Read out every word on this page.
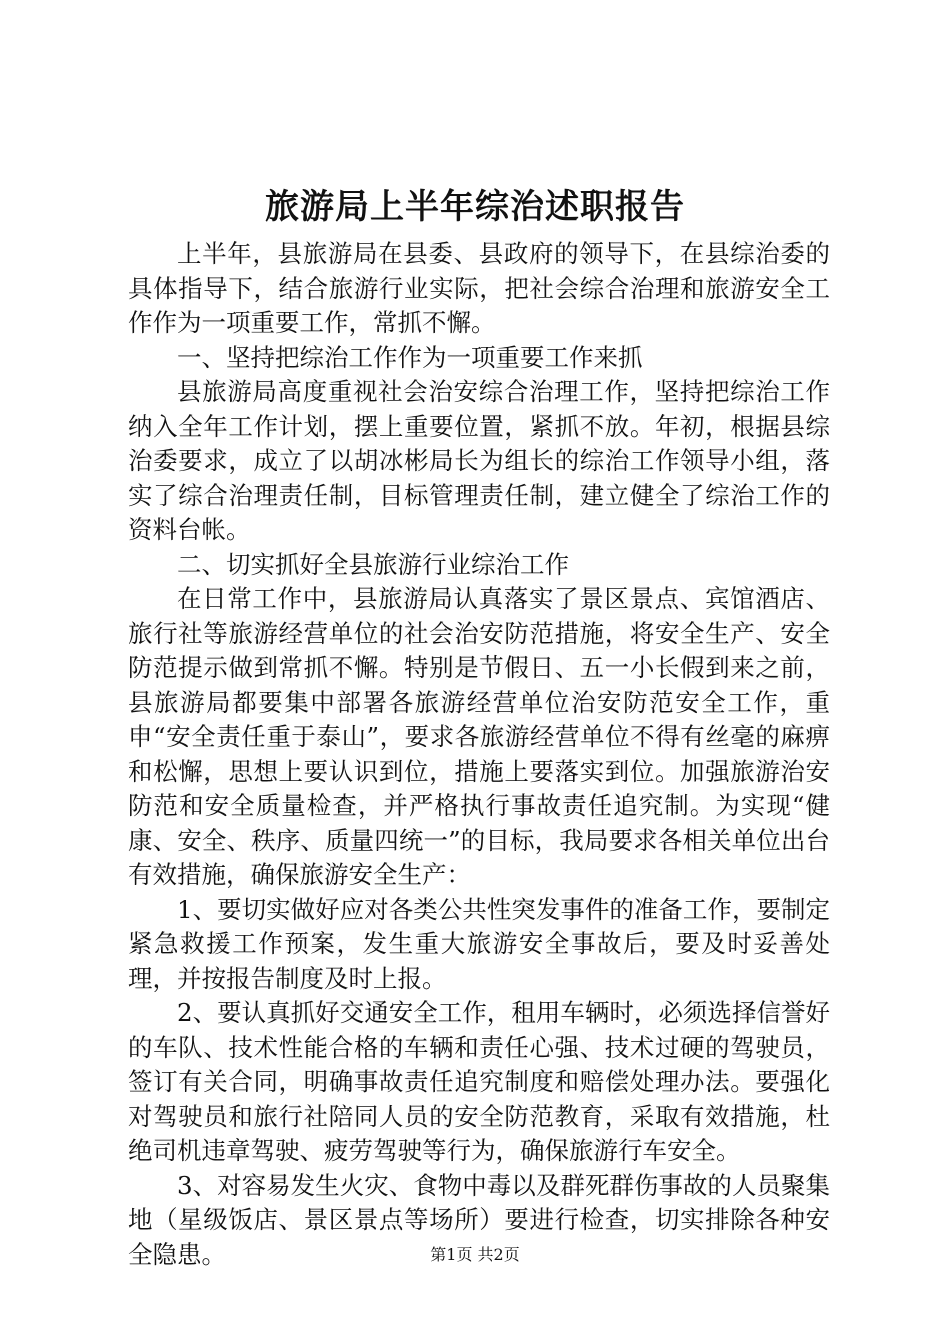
旅游局上半年综治述职报告

上半年，县旅游局在县委、县政府的领导下，在县综治委的具体指导下，结合旅游行业实际，把社会综合治理和旅游安全工作作为一项重要工作，常抓不懈。

一、坚持把综治工作作为一项重要工作来抓

县旅游局高度重视社会治安综合治理工作，坚持把综治工作纳入全年工作计划，摆上重要位置，紧抓不放。年初，根据县综治委要求，成立了以胡冰彬局长为组长的综治工作领导小组，落实了综合治理责任制，目标管理责任制，建立健全了综治工作的资料台帐。

二、切实抓好全县旅游行业综治工作

在日常工作中，县旅游局认真落实了景区景点、宾馆酒店、旅行社等旅游经营单位的社会治安防范措施，将安全生产、安全防范提示做到常抓不懈。特别是节假日、五一小长假到来之前，县旅游局都要集中部署各旅游经营单位治安防范安全工作，重申“安全责任重于泰山”，要求各旅游经营单位不得有丝毫的麻痹和松懈，思想上要认识到位，措施上要落实到位。加强旅游治安防范和安全质量检查，并严格执行事故责任追究制。为实现“健康、安全、秩序、质量四统一”的目标，我局要求各相关单位出台有效措施，确保旅游安全生产：

1、要切实做好应对各类公共性突发事件的准备工作，要制定紧急救援工作预案，发生重大旅游安全事故后，要及时妥善处理，并按报告制度及时上报。

2、要认真抓好交通安全工作，租用车辆时，必须选择信誉好的车队、技术性能合格的车辆和责任心强、技术过硬的驾驶员，签订有关合同，明确事故责任追究制度和赔偿处理办法。要强化对驾驶员和旅行社陪同人员的安全防范教育，采取有效措施，杜绝司机违章驾驶、疲劳驾驶等行为，确保旅游行车安全。

3、对容易发生火灾、食物中毒以及群死群伤事故的人员聚集地（星级饭店、景区景点等场所）要进行检查，切实排除各种安全隐患。	第1页 共2页
